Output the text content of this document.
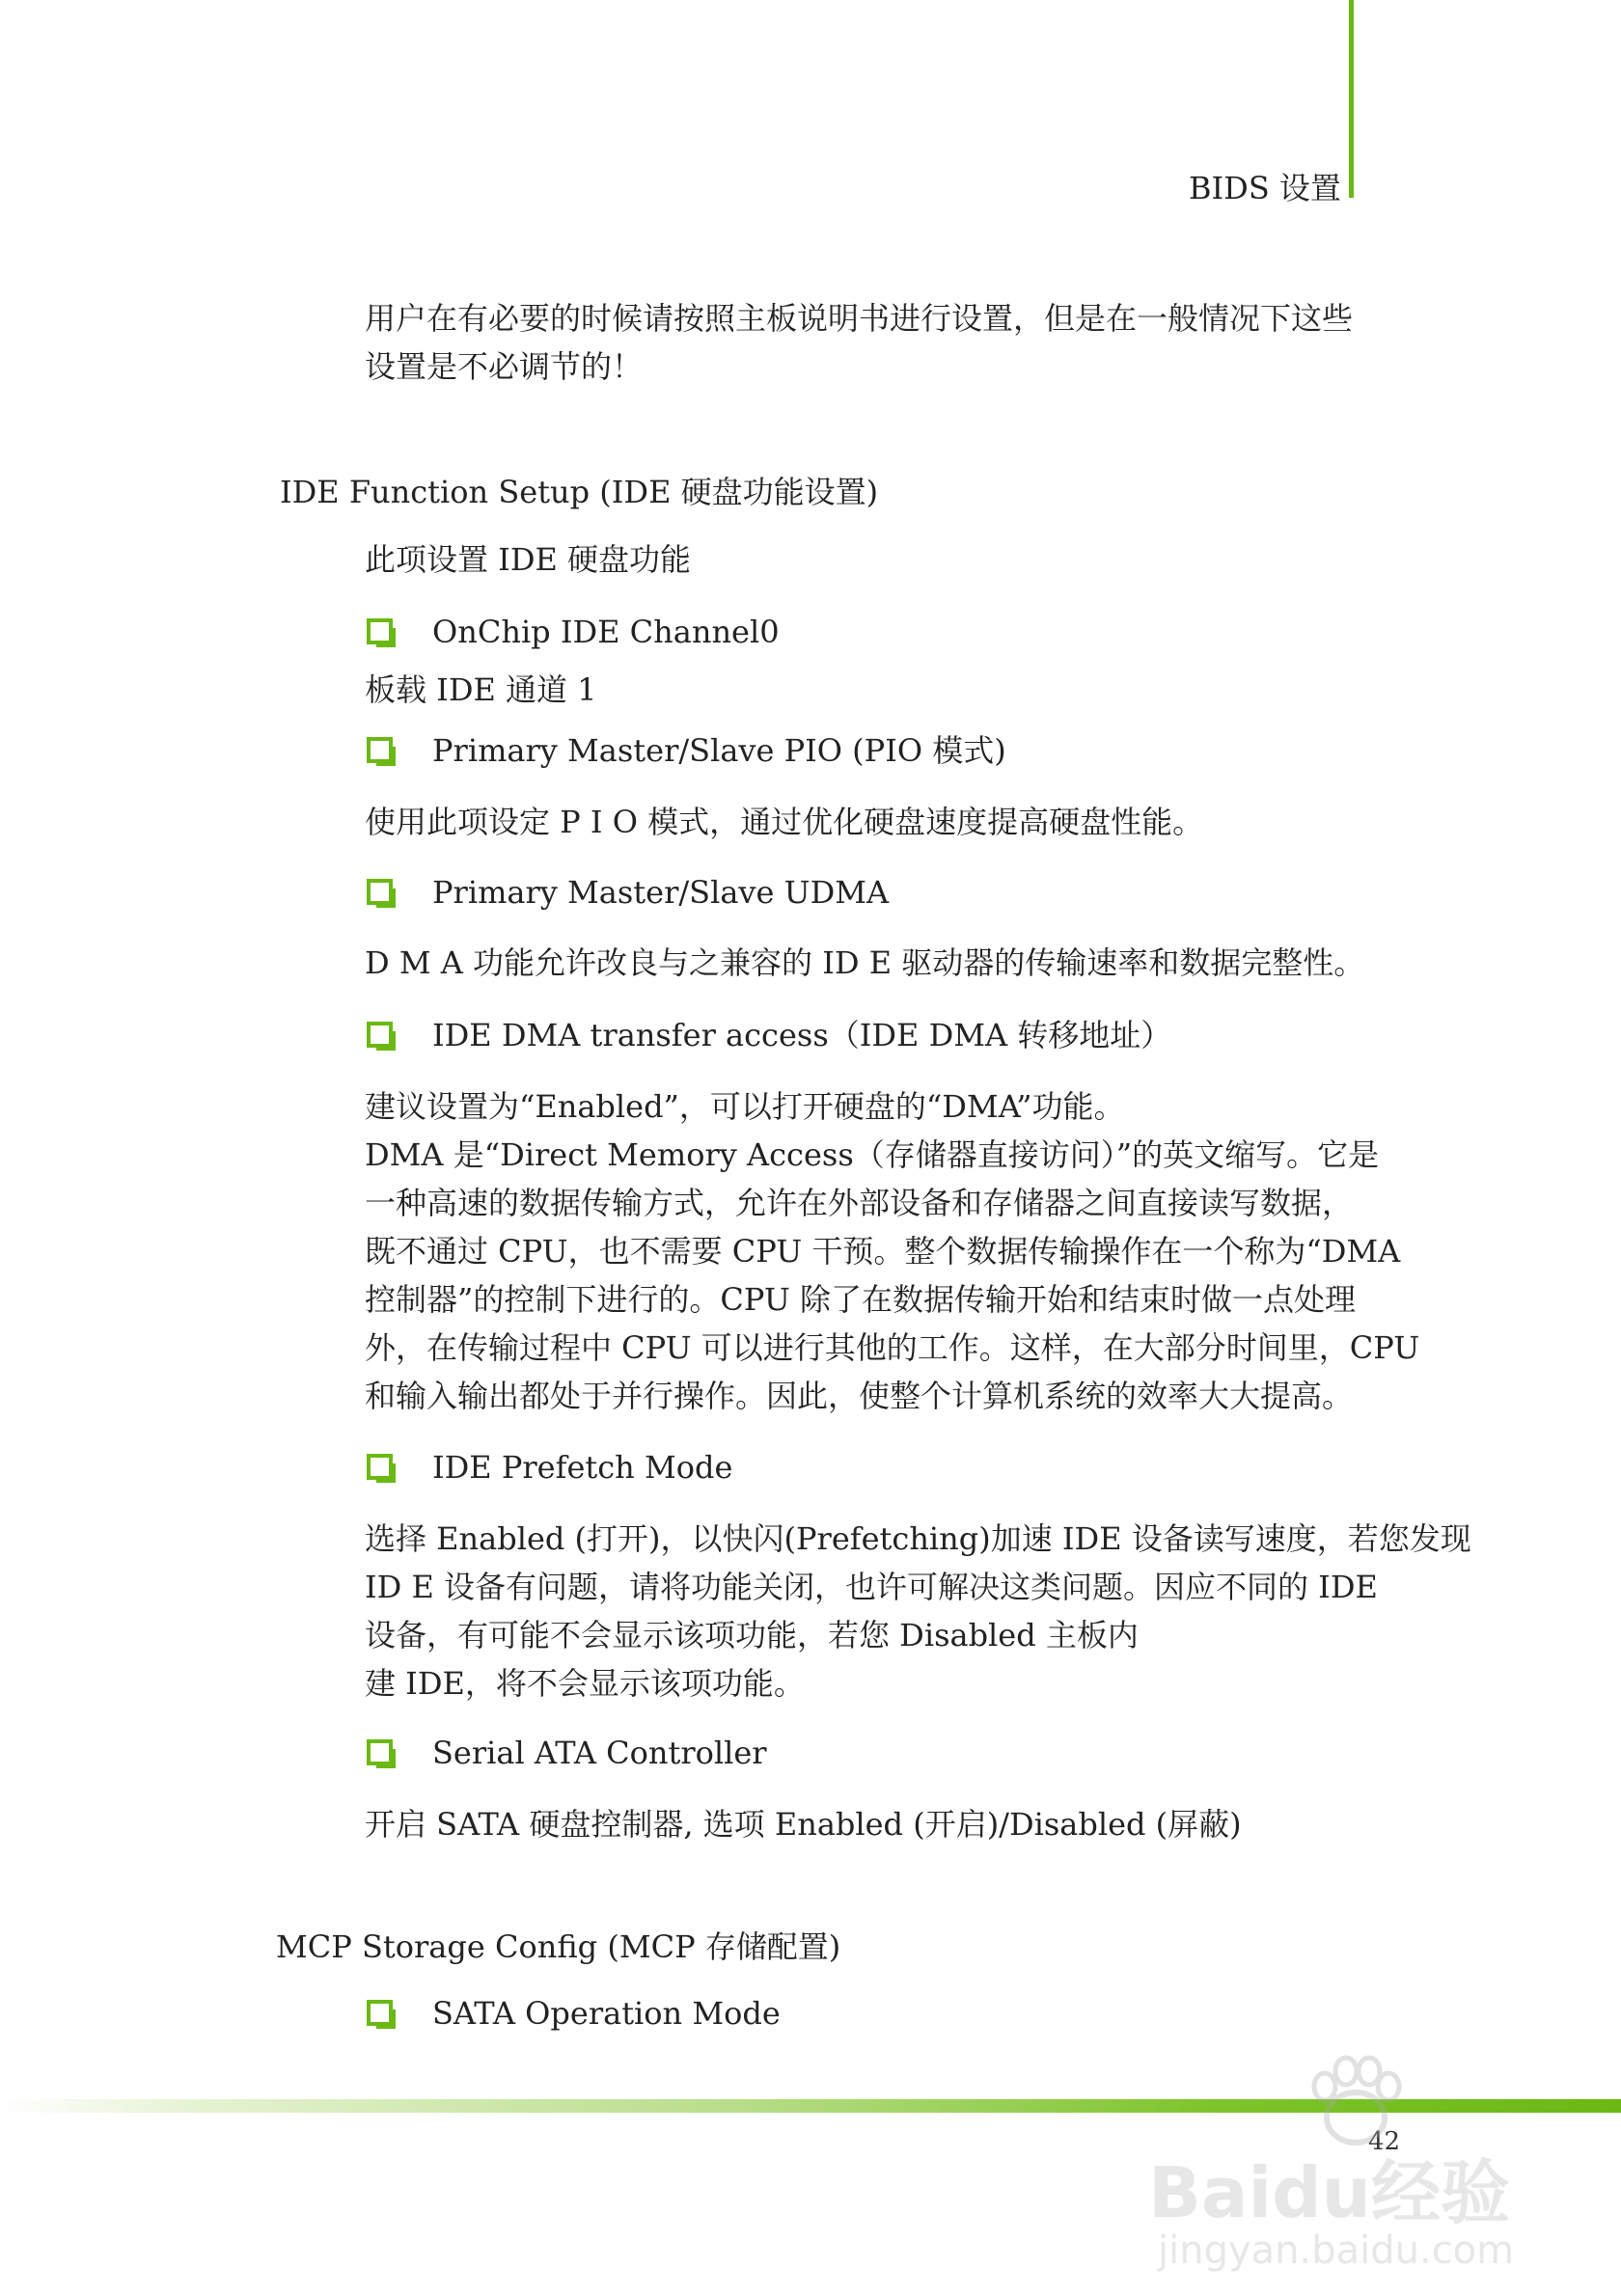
BIDS 设置
用户在有必要的时候请按照主板说明书进行设置，但是在一般情况下这些
设置是不必调节的！
IDE Function Setup (IDE 硬盘功能设置)
此项设置 IDE 硬盘功能
OnChip IDE Channel0
板载 IDE 通道 1
Primary Master/Slave PIO (PIO 模式)
使用此项设定 P I O 模式，通过优化硬盘速度提高硬盘性能。
Primary Master/Slave UDMA
D M A 功能允许改良与之兼容的 ID E 驱动器的传输速率和数据完整性。
IDE DMA transfer access（IDE DMA 转移地址）
建议设置为“Enabled”，可以打开硬盘的“DMA”功能。
DMA 是“Direct Memory Access（存储器直接访问）”的英文缩写。它是
一种高速的数据传输方式，允许在外部设备和存储器之间直接读写数据，
既不通过 CPU，也不需要 CPU 干预。整个数据传输操作在一个称为“DMA
控制器”的控制下进行的。CPU 除了在数据传输开始和结束时做一点处理
外，在传输过程中 CPU 可以进行其他的工作。这样，在大部分时间里，CPU
和输入输出都处于并行操作。因此，使整个计算机系统的效率大大提高。
IDE Prefetch Mode
选择 Enabled (打开)，以快闪(Prefetching)加速 IDE 设备读写速度，若您发现
ID E 设备有问题，请将功能关闭，也许可解决这类问题。因应不同的 IDE
设备，有可能不会显示该项功能，若您 Disabled 主板内
建 IDE，将不会显示该项功能。
Serial ATA Controller
开启 SATA 硬盘控制器, 选项 Enabled (开启)/Disabled (屏蔽)
MCP Storage Config (MCP 存储配置)
SATA Operation Mode
42
Baidu经验
jingyan.baidu.com
